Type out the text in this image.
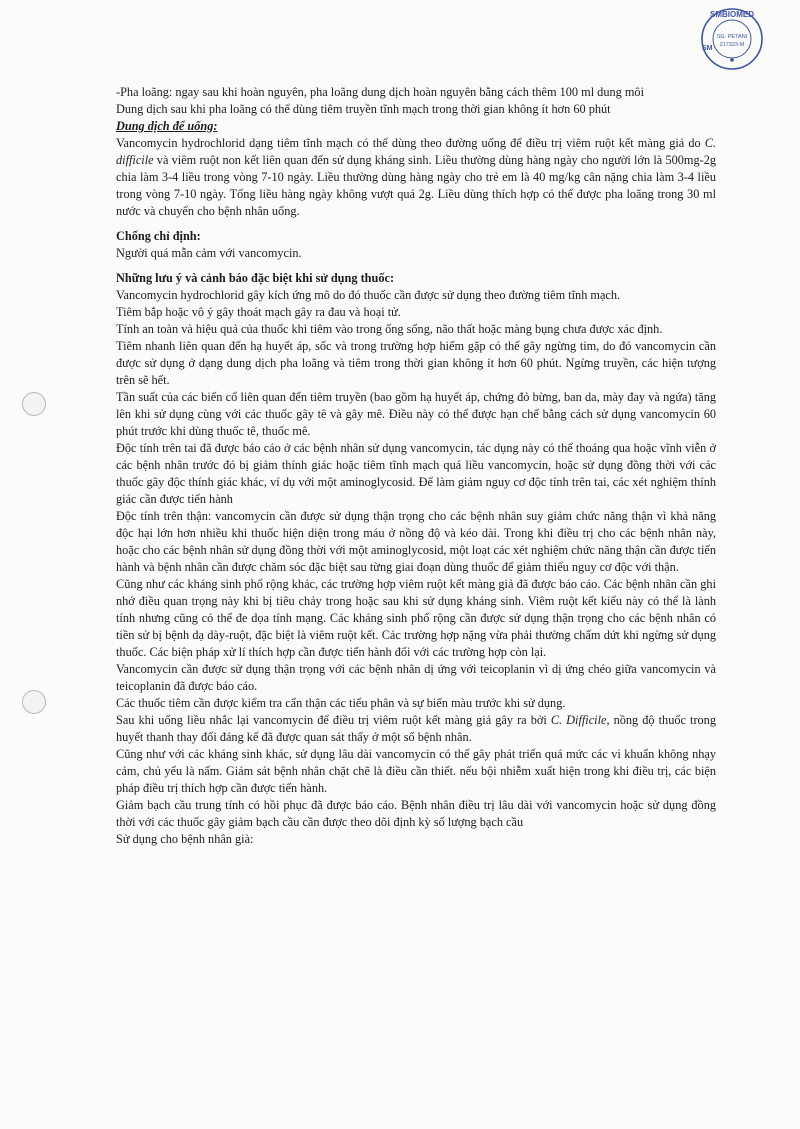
SMBIOMED
SM
SG. PETANI
217323-M

-Pha loãng: ngay sau khi hoàn nguyên, pha loãng dung dịch hoàn nguyên bằng cách thêm 100 ml dung môi

Dung dịch sau khi pha loãng có thể dùng tiêm truyền tĩnh mạch trong thời gian không ít hơn 60 phút

Dung dịch để uống:

Vancomycin hydrochlorid dạng tiêm tĩnh mạch có thể dùng theo đường uống để điều trị viêm ruột kết màng giả do C. difficile và viêm ruột non kết liên quan đến sử dụng kháng sinh. Liều thường dùng hàng ngày cho người lớn là 500mg-2g chia làm 3-4 liều trong vòng 7-10 ngày. Liều thường dùng hàng ngày cho trẻ em là 40 mg/kg cân nặng chia làm 3-4 liều trong vòng 7-10 ngày. Tổng liều hàng ngày không vượt quá 2g. Liều dùng thích hợp có thể được pha loãng trong 30 ml nước và chuyển cho bệnh nhân uống.

Chống chỉ định:

Người quá mẫn cảm với vancomycin.

Những lưu ý và cảnh báo đặc biệt khi sử dụng thuốc:

Vancomycin hydrochlorid gây kích ứng mô do đó thuốc cần được sử dụng theo đường tiêm tĩnh mạch.

Tiêm bắp hoặc vô ý gây thoát mạch gây ra đau và hoại tử.

Tính an toàn và hiệu quả của thuốc khi tiêm vào trong ống sống, não thất hoặc màng bụng chưa được xác định.

Tiêm nhanh liên quan đến hạ huyết áp, sốc và trong trường hợp hiếm gặp có thể gây ngừng tim, do đó vancomycin cần được sử dụng ở dạng dung dịch pha loãng và tiêm trong thời gian không ít hơn 60 phút. Ngừng truyền, các hiện tượng trên sẽ hết.

Tần suất của các biến cố liên quan đến tiêm truyền (bao gồm hạ huyết áp, chứng đỏ bừng, ban da, mày đay và ngứa) tăng lên khi sử dụng cùng với các thuốc gây tê và gây mê. Điều này có thể được hạn chế bằng cách sử dụng vancomycin 60 phút trước khi dùng thuốc tê, thuốc mê.

Độc tính trên tai đã được báo cáo ở các bệnh nhân sử dụng vancomycin, tác dụng này có thể thoáng qua hoặc vĩnh viễn ở các bệnh nhân trước đó bị giảm thính giác hoặc tiêm tĩnh mạch quá liều vancomycin, hoặc sử dụng đồng thời với các thuốc gây độc thính giác khác, ví dụ với một aminoglycosid. Để làm giảm nguy cơ độc tính trên tai, các xét nghiệm thính giác cần được tiến hành

Độc tính trên thận: vancomycin cần được sử dụng thận trọng cho các bệnh nhân suy giảm chức năng thận vì khả năng độc hại lớn hơn nhiều khi thuốc hiện diện trong máu ở nồng độ và kéo dài. Trong khi điều trị cho các bệnh nhân này, hoặc cho các bệnh nhân sử dụng đồng thời với một aminoglycosid, một loạt các xét nghiệm chức năng thận cần được tiến hành và bệnh nhân cần được chăm sóc đặc biệt sau từng giai đoạn dùng thuốc để giảm thiểu nguy cơ độc với thận.

Cũng như các kháng sinh phổ rộng khác, các trường hợp viêm ruột kết màng giả đã được báo cáo. Các bệnh nhân cần ghi nhớ điều quan trọng này khi bị tiêu chảy trong hoặc sau khi sử dụng kháng sinh. Viêm ruột kết kiểu này có thể là lành tính nhưng cũng có thể đe dọa tính mạng. Các kháng sinh phổ rộng cần được sử dụng thận trọng cho các bệnh nhân có tiền sử bị bệnh dạ dày-ruột, đặc biệt là viêm ruột kết. Các trường hợp nặng vừa phải thường chấm dứt khi ngừng sử dụng thuốc. Các biện pháp xử lí thích hợp cần được tiến hành đối với các trường hợp còn lại.

Vancomycin cần được sử dụng thận trọng với các bệnh nhân dị ứng với teicoplanin vì dị ứng chéo giữa vancomycin và teicoplanin đã được báo cáo.

Các thuốc tiêm cần được kiểm tra cẩn thận các tiểu phân và sự biến màu trước khi sử dụng.

Sau khi uống liều nhắc lại vancomycin để điều trị viêm ruột kết màng giả gây ra bởi C. Difficile, nồng độ thuốc trong huyết thanh thay đổi đáng kể đã được quan sát thấy ở một số bệnh nhân.

Cũng như với các kháng sinh khác, sử dụng lâu dài vancomycin có thể gây phát triển quá mức các vi khuẩn không nhạy cảm, chủ yếu là nấm. Giám sát bệnh nhân chặt chẽ là điều cần thiết. nếu bội nhiễm xuất hiện trong khi điều trị, các biện pháp điều trị thích hợp cần được tiến hành.

Giảm bạch cầu trung tính có hồi phục đã được báo cáo. Bệnh nhân điều trị lâu dài với vancomycin hoặc sử dụng đồng thời với các thuốc gây giảm bạch cầu cần được theo dõi định kỳ số lượng bạch cầu

Sử dụng cho bệnh nhân già:
